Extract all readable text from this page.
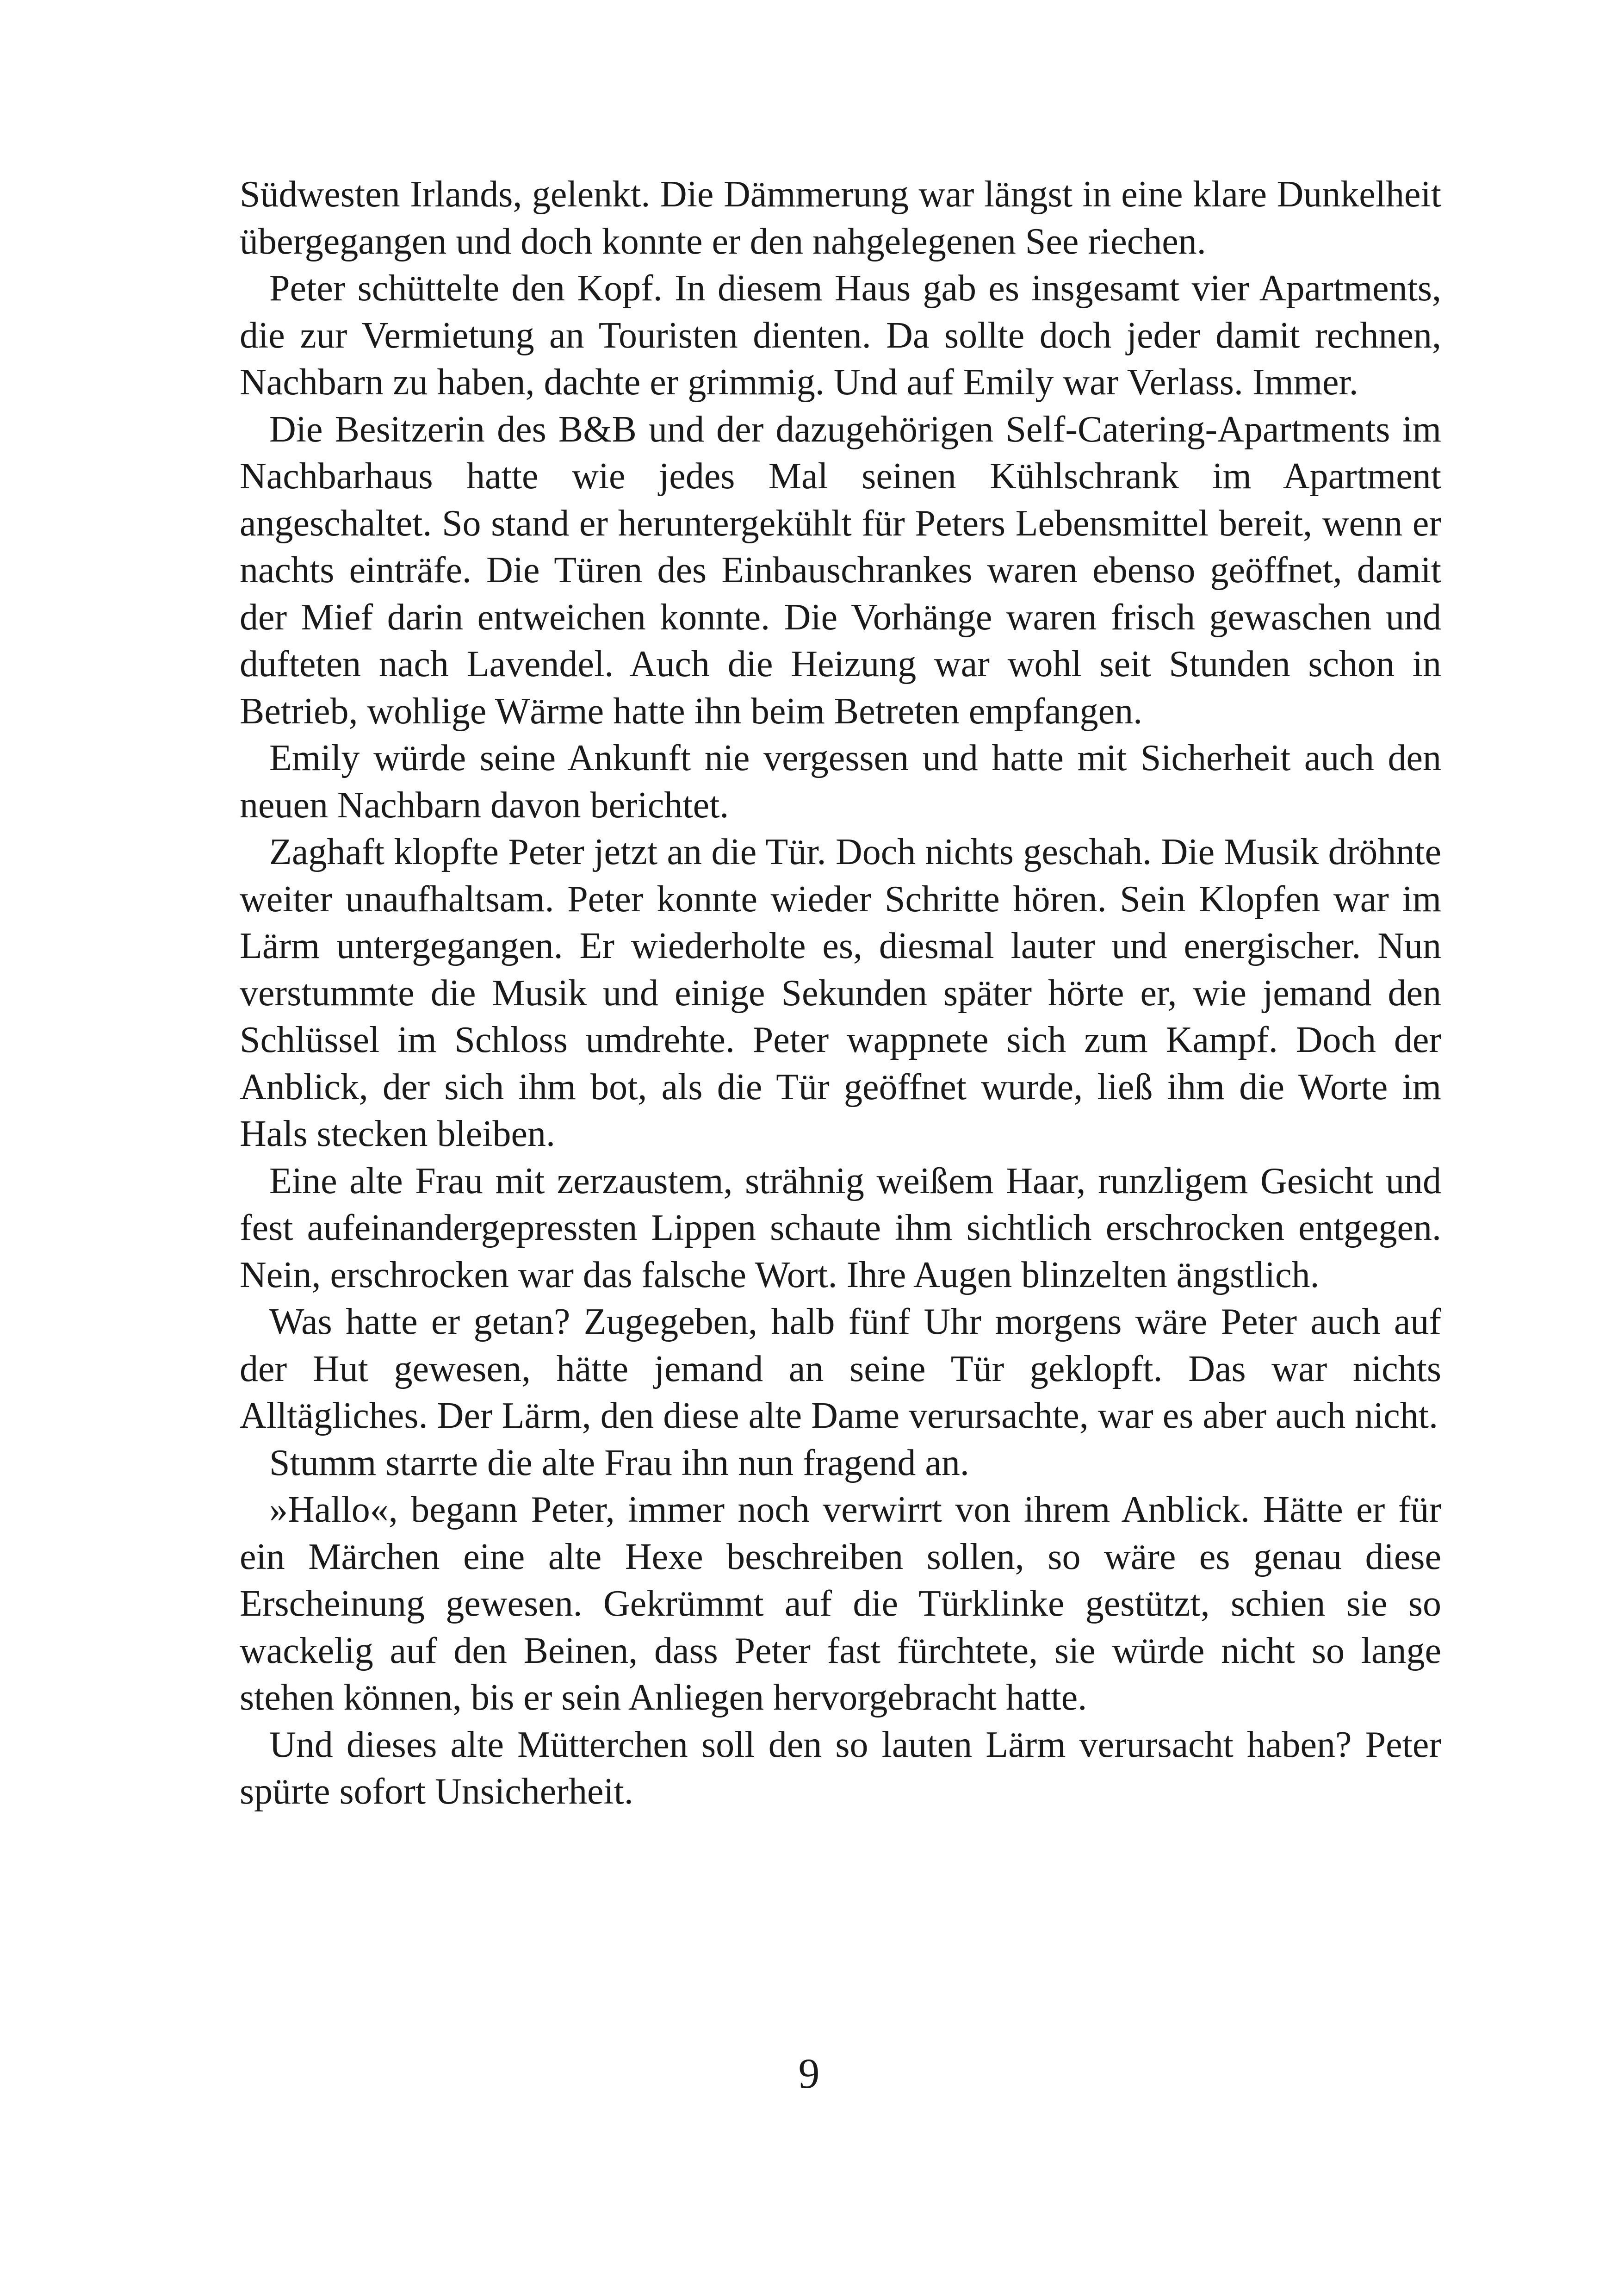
Südwesten Irlands, gelenkt. Die Dämmerung war längst in eine klare Dunkelheit übergegangen und doch konnte er den nahgelegenen See riechen.

Peter schüttelte den Kopf. In diesem Haus gab es insgesamt vier Apartments, die zur Vermietung an Touristen dienten. Da sollte doch jeder damit rechnen, Nachbarn zu haben, dachte er grimmig. Und auf Emily war Verlass. Immer.

Die Besitzerin des B&B und der dazugehörigen Self-Catering-Apartments im Nachbarhaus hatte wie jedes Mal seinen Kühlschrank im Apartment angeschaltet. So stand er heruntergekühlt für Peters Lebensmittel bereit, wenn er nachts einträfe. Die Türen des Einbauschrankes waren ebenso geöffnet, damit der Mief darin entweichen konnte. Die Vorhänge waren frisch gewaschen und dufteten nach Lavendel. Auch die Heizung war wohl seit Stunden schon in Betrieb, wohlige Wärme hatte ihn beim Betreten empfangen.

Emily würde seine Ankunft nie vergessen und hatte mit Sicherheit auch den neuen Nachbarn davon berichtet.

Zaghaft klopfte Peter jetzt an die Tür. Doch nichts geschah. Die Musik dröhnte weiter unaufhaltsam. Peter konnte wieder Schritte hören. Sein Klopfen war im Lärm untergegangen. Er wiederholte es, diesmal lauter und energischer. Nun verstummte die Musik und einige Sekunden später hörte er, wie jemand den Schlüssel im Schloss umdrehte. Peter wappnete sich zum Kampf. Doch der Anblick, der sich ihm bot, als die Tür geöffnet wurde, ließ ihm die Worte im Hals stecken bleiben.

Eine alte Frau mit zerzaustem, strähnig weißem Haar, runzligem Gesicht und fest aufeinandergepressten Lippen schaute ihm sichtlich erschrocken entgegen. Nein, erschrocken war das falsche Wort. Ihre Augen blinzelten ängstlich.

Was hatte er getan? Zugegeben, halb fünf Uhr morgens wäre Peter auch auf der Hut gewesen, hätte jemand an seine Tür geklopft. Das war nichts Alltägliches. Der Lärm, den diese alte Dame verursachte, war es aber auch nicht.

Stumm starrte die alte Frau ihn nun fragend an.

»Hallo«, begann Peter, immer noch verwirrt von ihrem Anblick. Hätte er für ein Märchen eine alte Hexe beschreiben sollen, so wäre es genau diese Erscheinung gewesen. Gekrümmt auf die Türklinke gestützt, schien sie so wackelig auf den Beinen, dass Peter fast fürchtete, sie würde nicht so lange stehen können, bis er sein Anliegen hervorgebracht hatte.

Und dieses alte Mütterchen soll den so lauten Lärm verursacht haben? Peter spürte sofort Unsicherheit.

9
